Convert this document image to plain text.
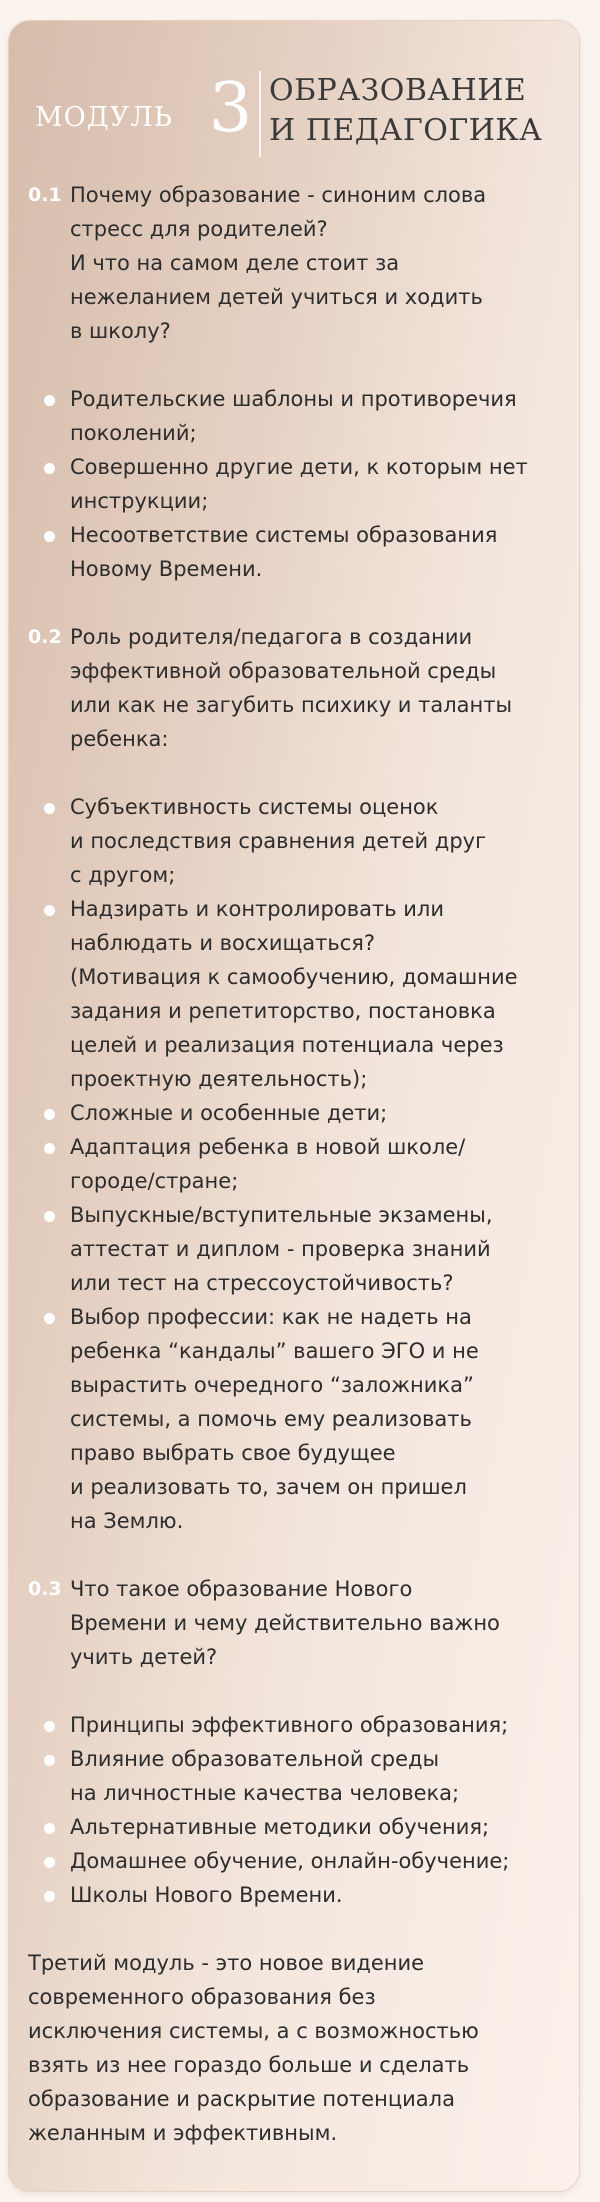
МОДУЛЬ 3 ОБРАЗОВАНИЕ
И ПЕДАГОГИКА
0.1 Почему образование - синоним слова
стресс для родителей?
И что на самом деле стоит за
нежеланием детей учиться и ходить
в школу?
Родительские шаблоны и противоречия
поколений;
Совершенно другие дети, к которым нет
инструкции;
Несоответствие системы образования
Новому Времени.
0.2 Роль родителя/педагога в создании
эффективной образовательной среды
или как не загубить психику и таланты
ребенка:
Субъективность системы оценок
и последствия сравнения детей друг
с другом;
Надзирать и контролировать или
наблюдать и восхищаться?
(Мотивация к самообучению, домашние
задания и репетиторство, постановка
целей и реализация потенциала через
проектную деятельность);
Сложные и особенные дети;
Адаптация ребенка в новой школе/
городе/стране;
Выпускные/вступительные экзамены,
аттестат и диплом - проверка знаний
или тест на стрессоустойчивость?
Выбор профессии: как не надеть на
ребенка “кандалы” вашего ЭГО и не
вырастить очередного “заложника”
системы, а помочь ему реализовать
право выбрать свое будущее
и реализовать то, зачем он пришел
на Землю.
0.3 Что такое образование Нового
Времени и чему действительно важно
учить детей?
Принципы эффективного образования;
Влияние образовательной среды
на личностные качества человека;
Альтернативные методики обучения;
Домашнее обучение, онлайн-обучение;
Школы Нового Времени.
Третий модуль - это новое видение
современного образования без
исключения системы, а с возможностью
взять из нее гораздо больше и сделать
образование и раскрытие потенциала
желанным и эффективным.
